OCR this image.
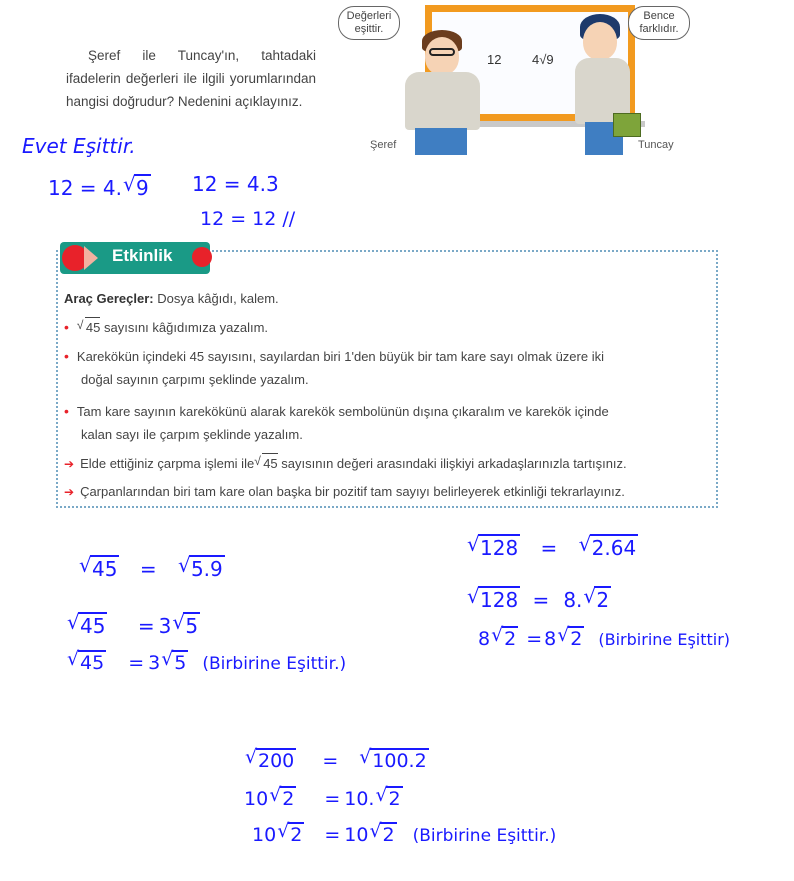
Şeref ile Tuncay'ın, tahtadaki ifadelerin değerleri ile ilgili yorumlarından hangisi doğrudur? Nedenini açıklayınız.

12 4√9
Değerleri eşittir.
Şeref
Bence farklıdır.
Tuncay
Evet Eşittir.
12 = 4. √ 9 12 = 4.3
12 = 12 //
Etkinlik
Araç Gereçler: Dosya kâğıdı, kalem.
• √ 45 sayısını kâğıdımıza yazalım.
• Karekökün içindeki 45 sayısını, sayılardan biri 1'den büyük bir tam kare sayı olmak üzere iki
doğal sayının çarpımı şeklinde yazalım.
• Tam kare sayının karekökünü alarak karekök sembolünün dışına çıkaralım ve karekök içinde
kalan sayı ile çarpım şeklinde yazalım.
➔ Elde ettiğiniz çarpma işlemi ile √ 45 sayısının değeri arasındaki ilişkiyi arkadaşlarınızla tartışınız.
➔ Çarpanlarından biri tam kare olan başka bir pozitif tam sayıyı belirleyerek etkinliği tekrarlayınız.
√ 45 = √ 5.9
√ 45 = 3 √ 5
√ 45 = 3 √ 5 (Birbirine Eşittir.)
√ 128 = √ 2.64
√ 128 = 8. √ 2
8 √ 2 = 8 √ 2 (Birbirine Eşittir)
√ 200 = √ 100.2
10 √ 2 = 10. √ 2
10 √ 2 = 10 √ 2 (Birbirine Eşittir.)
